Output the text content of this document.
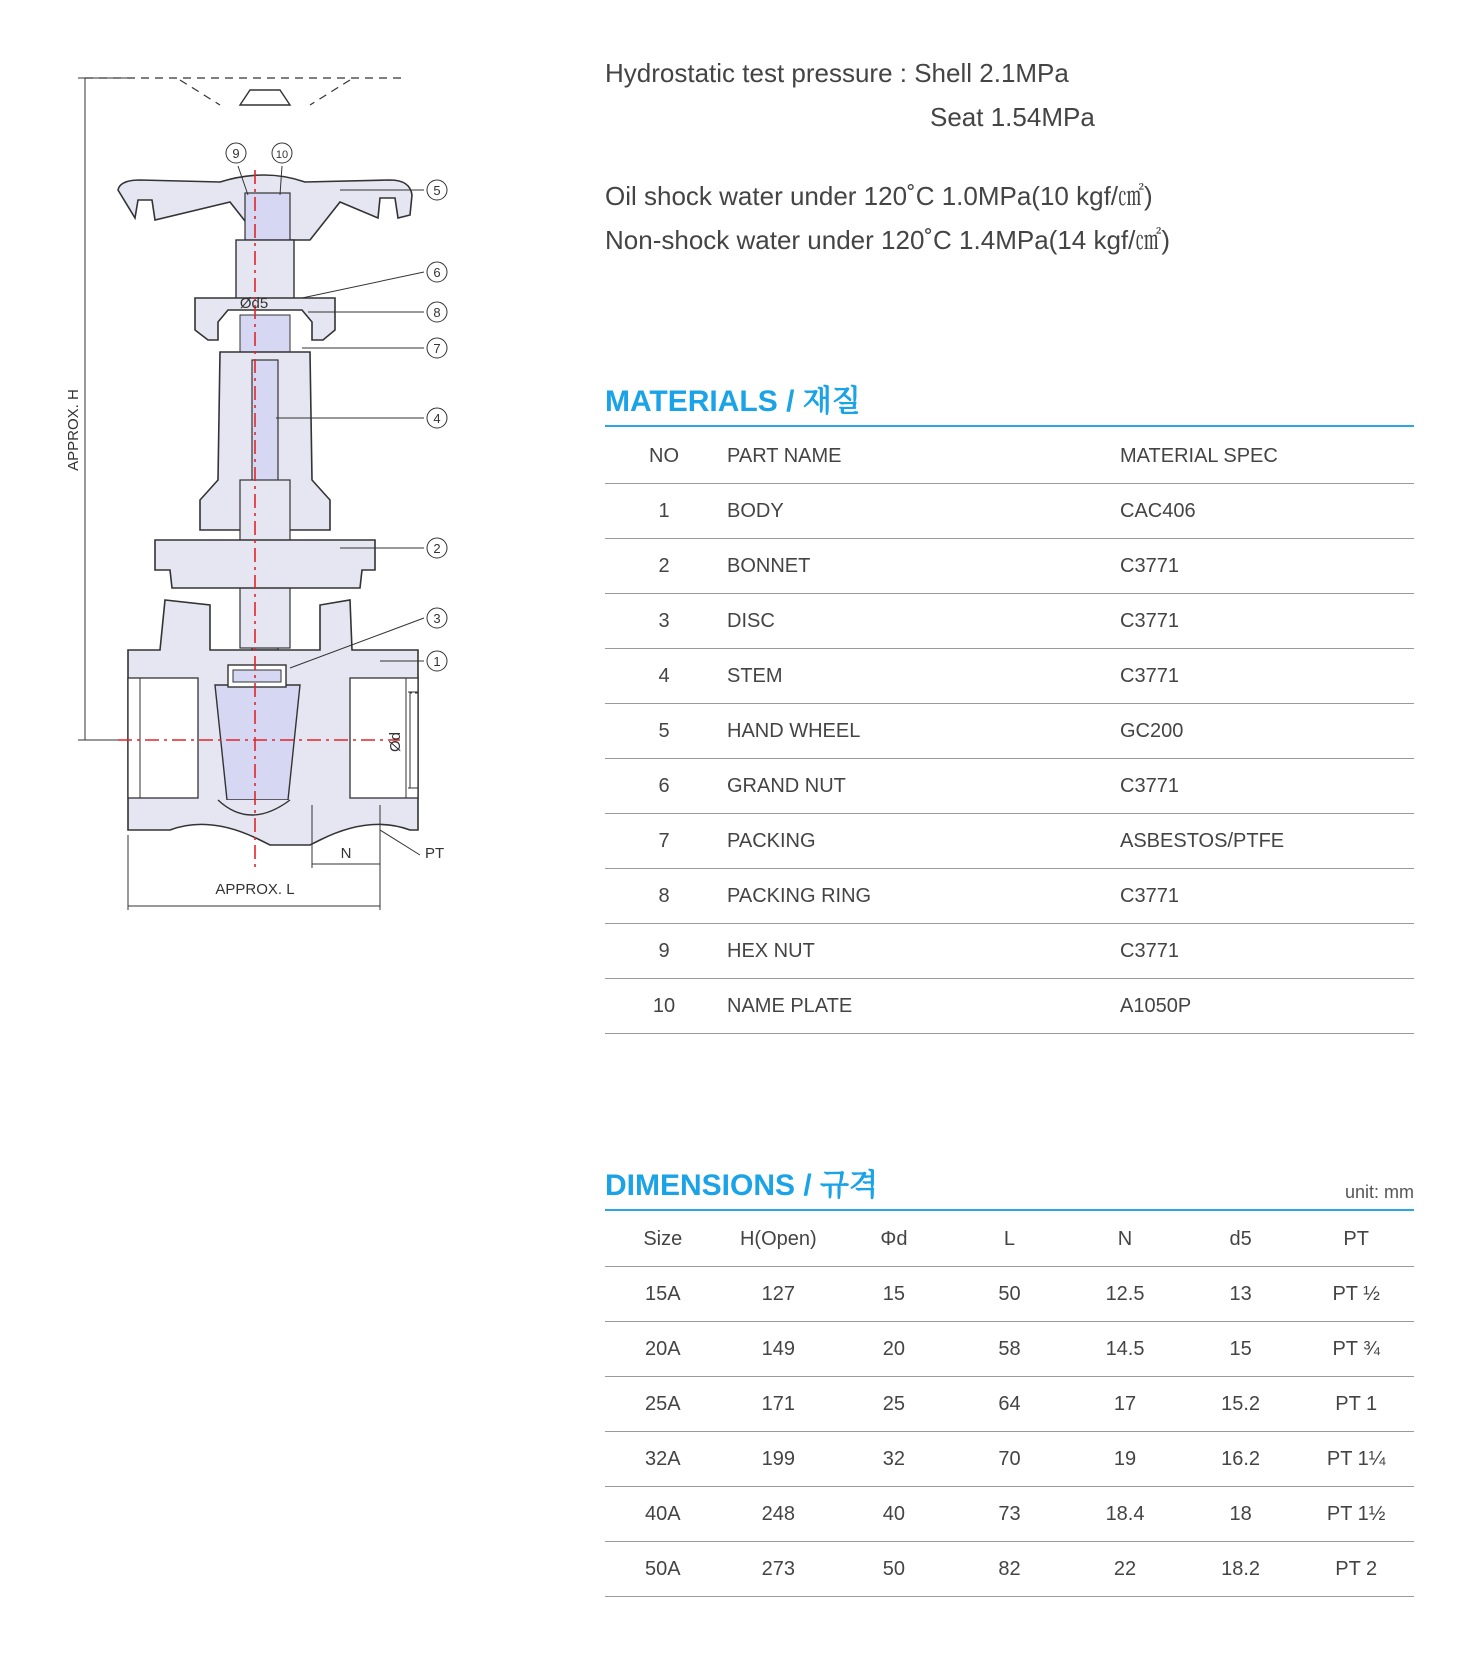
APPROX. H
Ød5
Ød
N	PT
APPROX. L
5
6
8
7
4
2
3
1
9	10
Hydrostatic test pressure : Shell 2.1MPa
Seat 1.54MPa
Oil shock water under 120˚C 1.0MPa(10 kgf/㎠)
Non-shock water under 120˚C 1.4MPa(14 kgf/㎠)
MATERIALS / 재질
NO	PART NAME	MATERIAL SPEC
1	BODY	CAC406
2	BONNET	C3771
3	DISC	C3771
4	STEM	C3771
5	HAND WHEEL	GC200
6	GRAND NUT	C3771
7	PACKING	ASBESTOS/PTFE
8	PACKING RING	C3771
9	HEX NUT	C3771
10	NAME PLATE	A1050P
DIMENSIONS / 규격	unit: mm
Size	H(Open)	Φd	L	N	d5	PT
15A	127	15	50	12.5	13	PT ½
20A	149	20	58	14.5	15	PT ¾
25A	171	25	64	17	15.2	PT 1
32A	199	32	70	19	16.2	PT 1¼
40A	248	40	73	18.4	18	PT 1½
50A	273	50	82	22	18.2	PT 2
